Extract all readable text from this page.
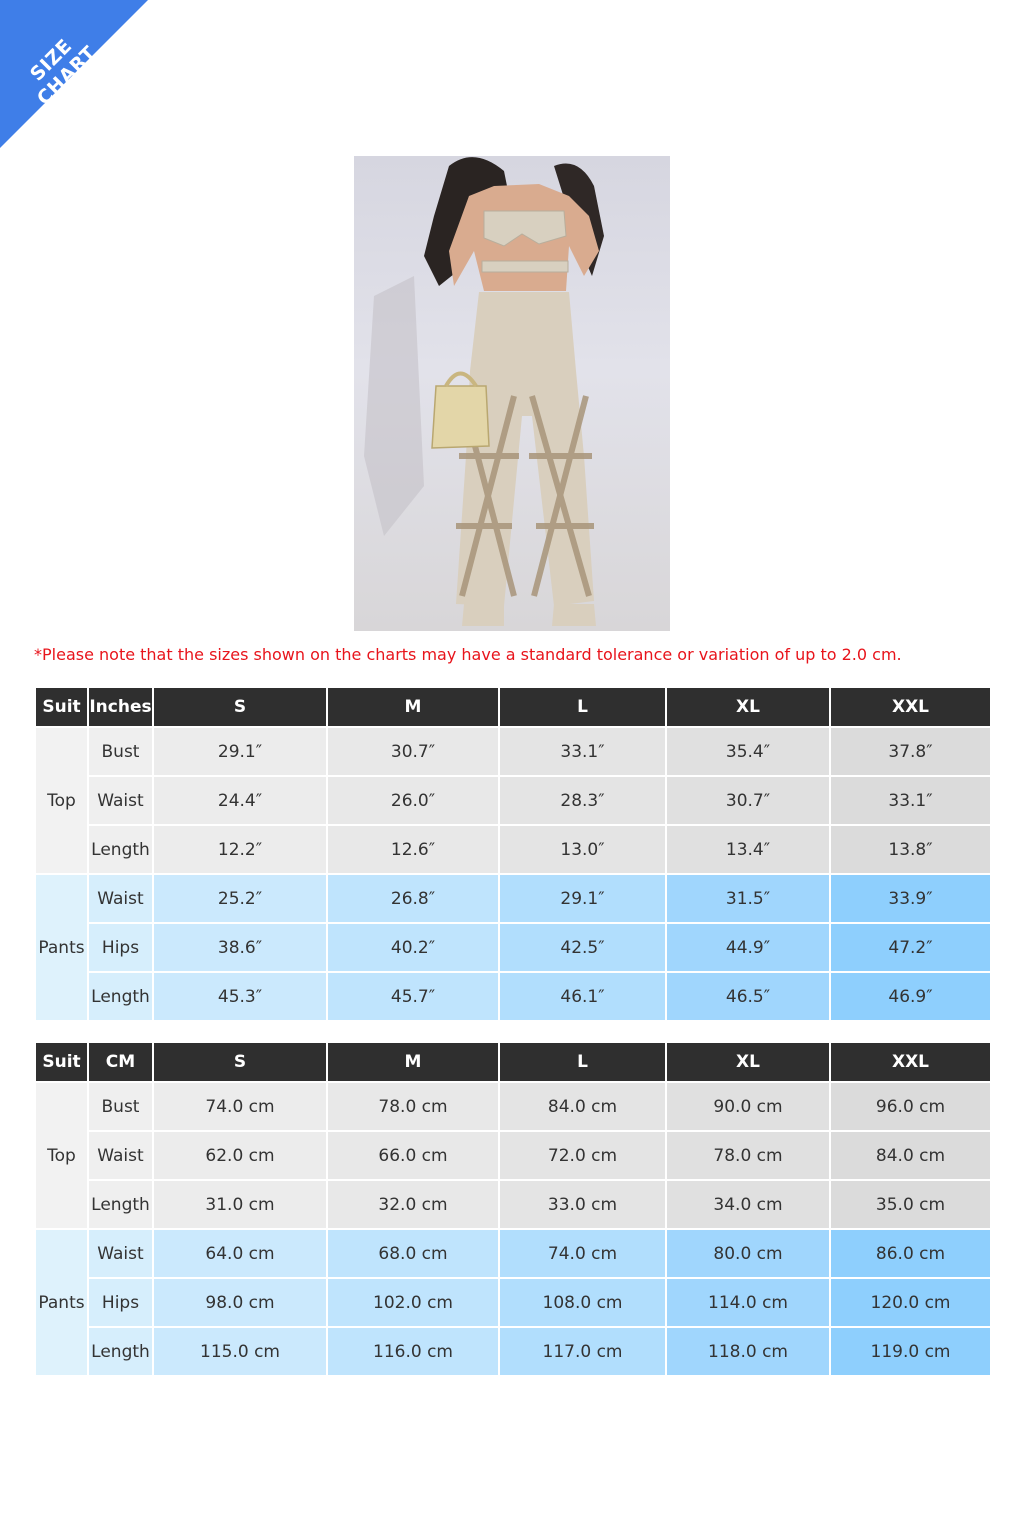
SIZE CHART
*Please note that the sizes shown on the charts may have a standard tolerance or variation of up to 2.0 cm.
Suit	Inches	S	M	L	XL	XXL
Top	Bust	29.1″	30.7″	33.1″	35.4″	37.8″
	Waist	24.4″	26.0″	28.3″	30.7″	33.1″
	Length	12.2″	12.6″	13.0″	13.4″	13.8″
Pants	Waist	25.2″	26.8″	29.1″	31.5″	33.9″
	Hips	38.6″	40.2″	42.5″	44.9″	47.2″
	Length	45.3″	45.7″	46.1″	46.5″	46.9″
Suit	CM	S	M	L	XL	XXL
Top	Bust	74.0 cm	78.0 cm	84.0 cm	90.0 cm	96.0 cm
	Waist	62.0 cm	66.0 cm	72.0 cm	78.0 cm	84.0 cm
	Length	31.0 cm	32.0 cm	33.0 cm	34.0 cm	35.0 cm
Pants	Waist	64.0 cm	68.0 cm	74.0 cm	80.0 cm	86.0 cm
	Hips	98.0 cm	102.0 cm	108.0 cm	114.0 cm	120.0 cm
	Length	115.0 cm	116.0 cm	117.0 cm	118.0 cm	119.0 cm
